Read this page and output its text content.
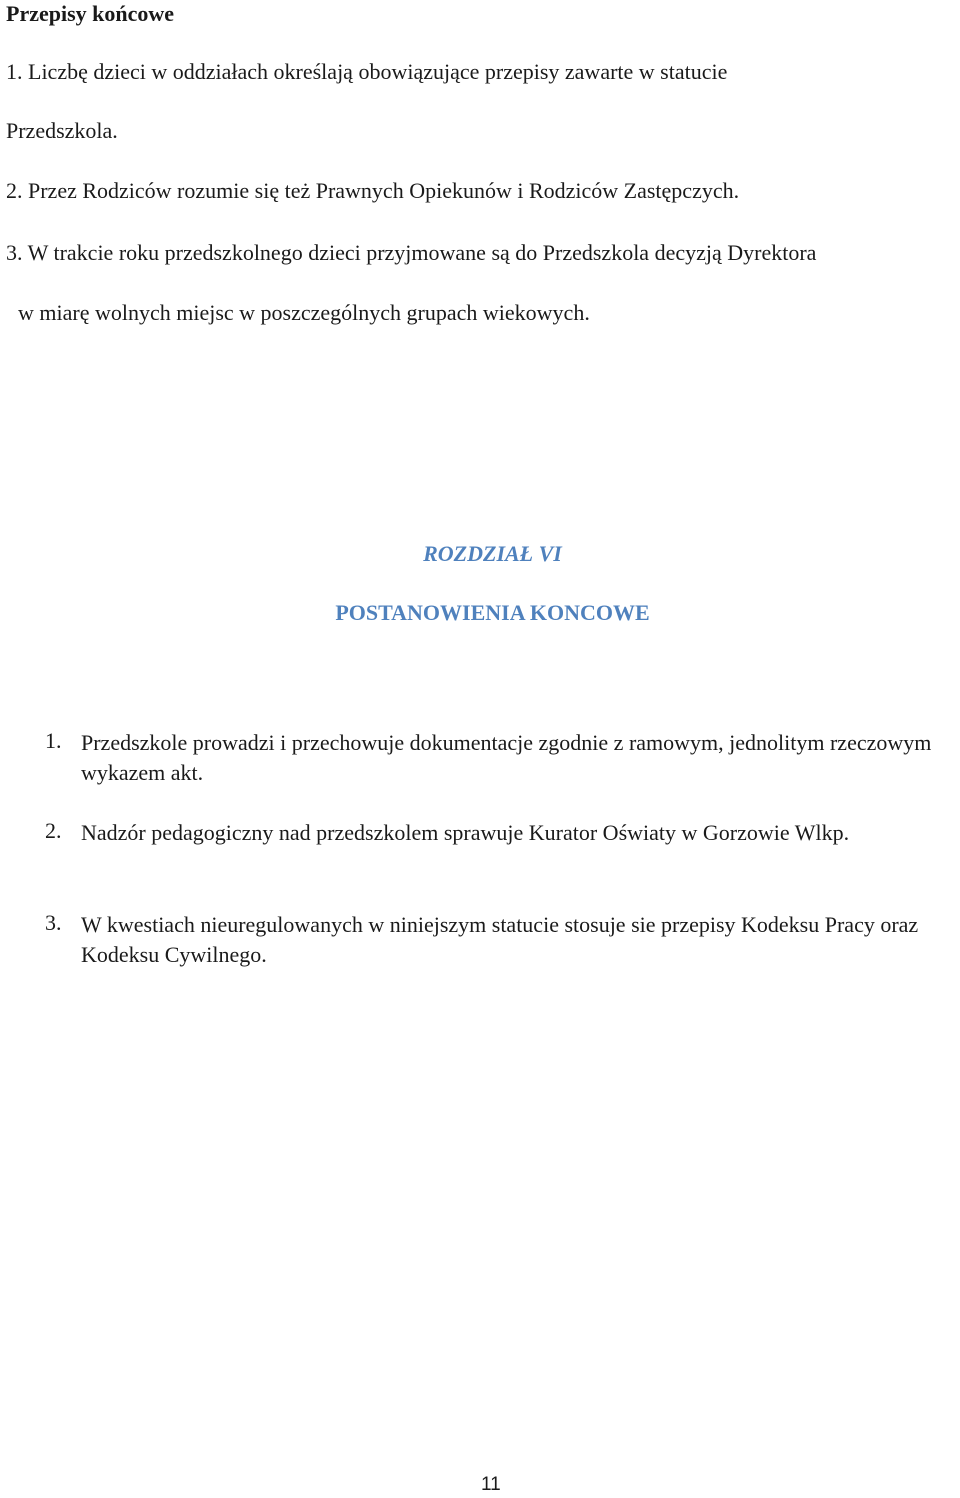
Przepisy końcowe
1. Liczbę dzieci w oddziałach określają obowiązujące przepisy zawarte w statucie
Przedszkola.
2. Przez Rodziców rozumie się też Prawnych Opiekunów i Rodziców Zastępczych.
3. W trakcie roku przedszkolnego dzieci przyjmowane są do Przedszkola decyzją Dyrektora
w miarę wolnych miejsc w poszczególnych grupach wiekowych.
ROZDZIAŁ VI
POSTANOWIENIA KONCOWE
1. Przedszkole prowadzi i przechowuje dokumentacje zgodnie z ramowym, jednolitym rzeczowym wykazem akt.
2. Nadzór pedagogiczny nad przedszkolem sprawuje Kurator Oświaty w Gorzowie Wlkp.
3. W kwestiach nieuregulowanych w niniejszym statucie stosuje sie przepisy Kodeksu Pracy oraz Kodeksu Cywilnego.
11
